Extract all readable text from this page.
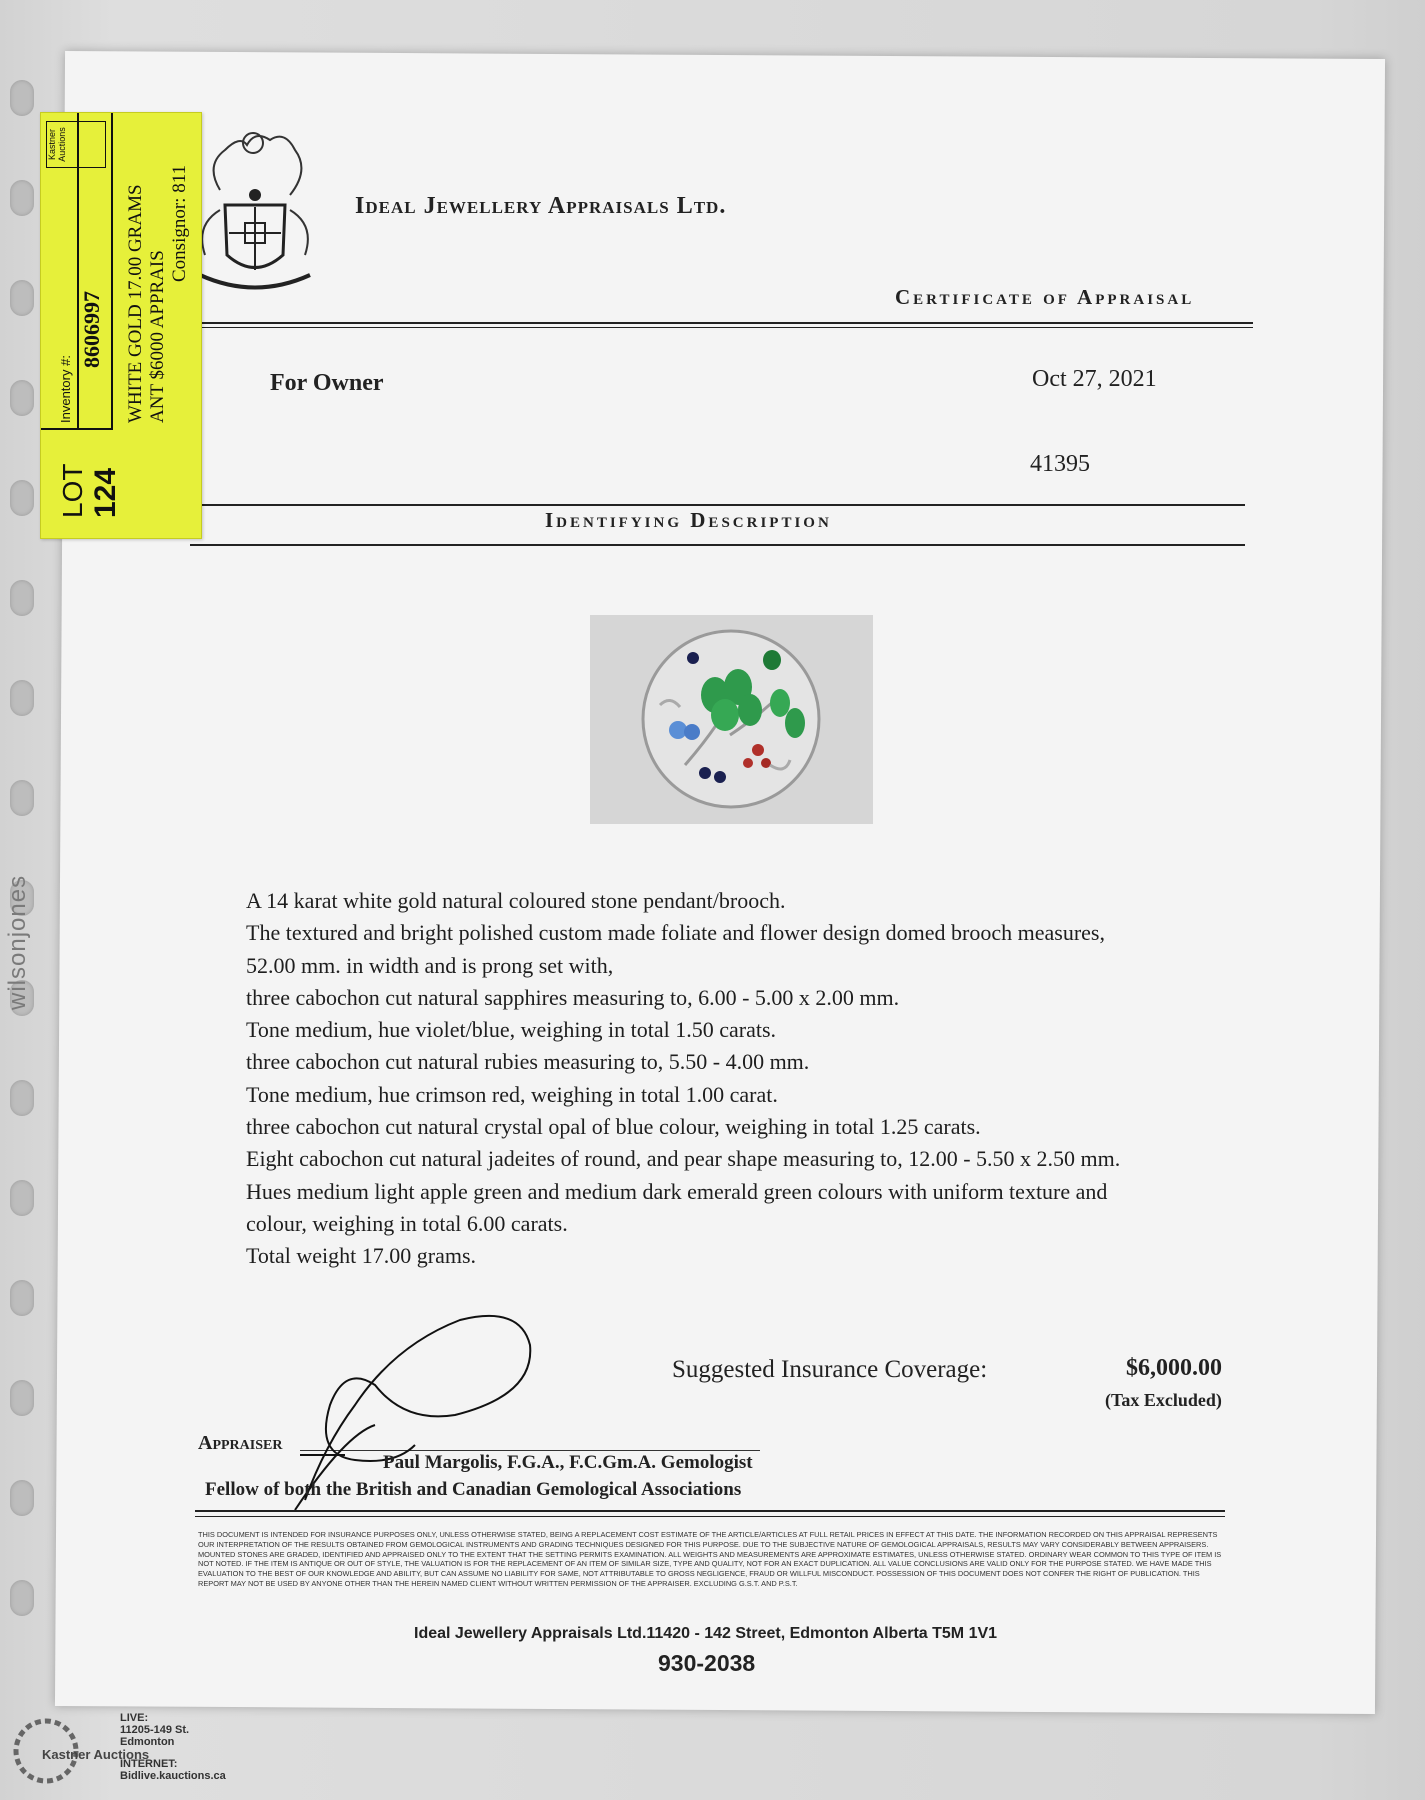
wilsonjones
Ideal Jewellery Appraisals Ltd.
Certificate of Appraisal
For Owner	Oct 27, 2021
41395
Identifying Description
A 14 karat white gold natural coloured stone pendant/brooch.
The textured and bright polished custom made foliate and flower design domed brooch measures,
52.00 mm. in width and is prong set with,
three cabochon cut natural sapphires measuring to, 6.00 - 5.00 x 2.00 mm.
Tone medium, hue violet/blue, weighing in total 1.50 carats.
three cabochon cut natural rubies measuring to, 5.50 - 4.00 mm.
Tone medium, hue crimson red, weighing in total 1.00 carat.
three cabochon cut natural crystal opal of blue colour, weighing in total 1.25 carats.
Eight cabochon cut natural jadeites of round, and pear shape measuring to, 12.00 - 5.50 x 2.50 mm.
Hues medium light apple green and medium dark emerald green colours with uniform texture and
colour, weighing in total 6.00 carats.
Total weight 17.00 grams.
Suggested Insurance Coverage:	$6,000.00
(Tax Excluded)
Appraiser
Paul Margolis, F.G.A., F.C.Gm.A. Gemologist
Fellow of both the British and Canadian Gemological Associations
THIS DOCUMENT IS INTENDED FOR INSURANCE PURPOSES ONLY, UNLESS OTHERWISE STATED, BEING A REPLACEMENT COST ESTIMATE OF THE ARTICLE/ARTICLES AT FULL RETAIL PRICES IN EFFECT AT THIS DATE. THE INFORMATION RECORDED ON THIS APPRAISAL REPRESENTS OUR INTERPRETATION OF THE RESULTS OBTAINED FROM GEMOLOGICAL INSTRUMENTS AND GRADING TECHNIQUES DESIGNED FOR THIS PURPOSE. DUE TO THE SUBJECTIVE NATURE OF GEMOLOGICAL APPRAISALS, RESULTS MAY VARY CONSIDERABLY BETWEEN APPRAISERS. MOUNTED STONES ARE GRADED, IDENTIFIED AND APPRAISED ONLY TO THE EXTENT THAT THE SETTING PERMITS EXAMINATION. ALL WEIGHTS AND MEASUREMENTS ARE APPROXIMATE ESTIMATES, UNLESS OTHERWISE STATED. ORDINARY WEAR COMMON TO THIS TYPE OF ITEM IS NOT NOTED. IF THE ITEM IS ANTIQUE OR OUT OF STYLE, THE VALUATION IS FOR THE REPLACEMENT OF AN ITEM OF SIMILAR SIZE, TYPE AND QUALITY, NOT FOR AN EXACT DUPLICATION. ALL VALUE CONCLUSIONS ARE VALID ONLY FOR THE PURPOSE STATED. WE HAVE MADE THIS EVALUATION TO THE BEST OF OUR KNOWLEDGE AND ABILITY, BUT CAN ASSUME NO LIABILITY FOR SAME, NOT ATTRIBUTABLE TO GROSS NEGLIGENCE, FRAUD OR WILLFUL MISCONDUCT. POSSESSION OF THIS DOCUMENT DOES NOT CONFER THE RIGHT OF PUBLICATION. THIS REPORT MAY NOT BE USED BY ANYONE OTHER THAN THE HEREIN NAMED CLIENT WITHOUT WRITTEN PERMISSION OF THE APPRAISER. EXCLUDING G.S.T. AND P.S.T.
Ideal Jewellery Appraisals Ltd.11420 - 142 Street, Edmonton Alberta T5M 1V1
930-2038
LOT 124
Inventory #:
8606997
Kastner Auctions
WHITE GOLD 17.00 GRAMS ANT $6000 APPRAIS
Consignor: 811
Kastner Auctions
LIVE:
11205-149 St.
Edmonton
INTERNET:
Bidlive.kauctions.ca
